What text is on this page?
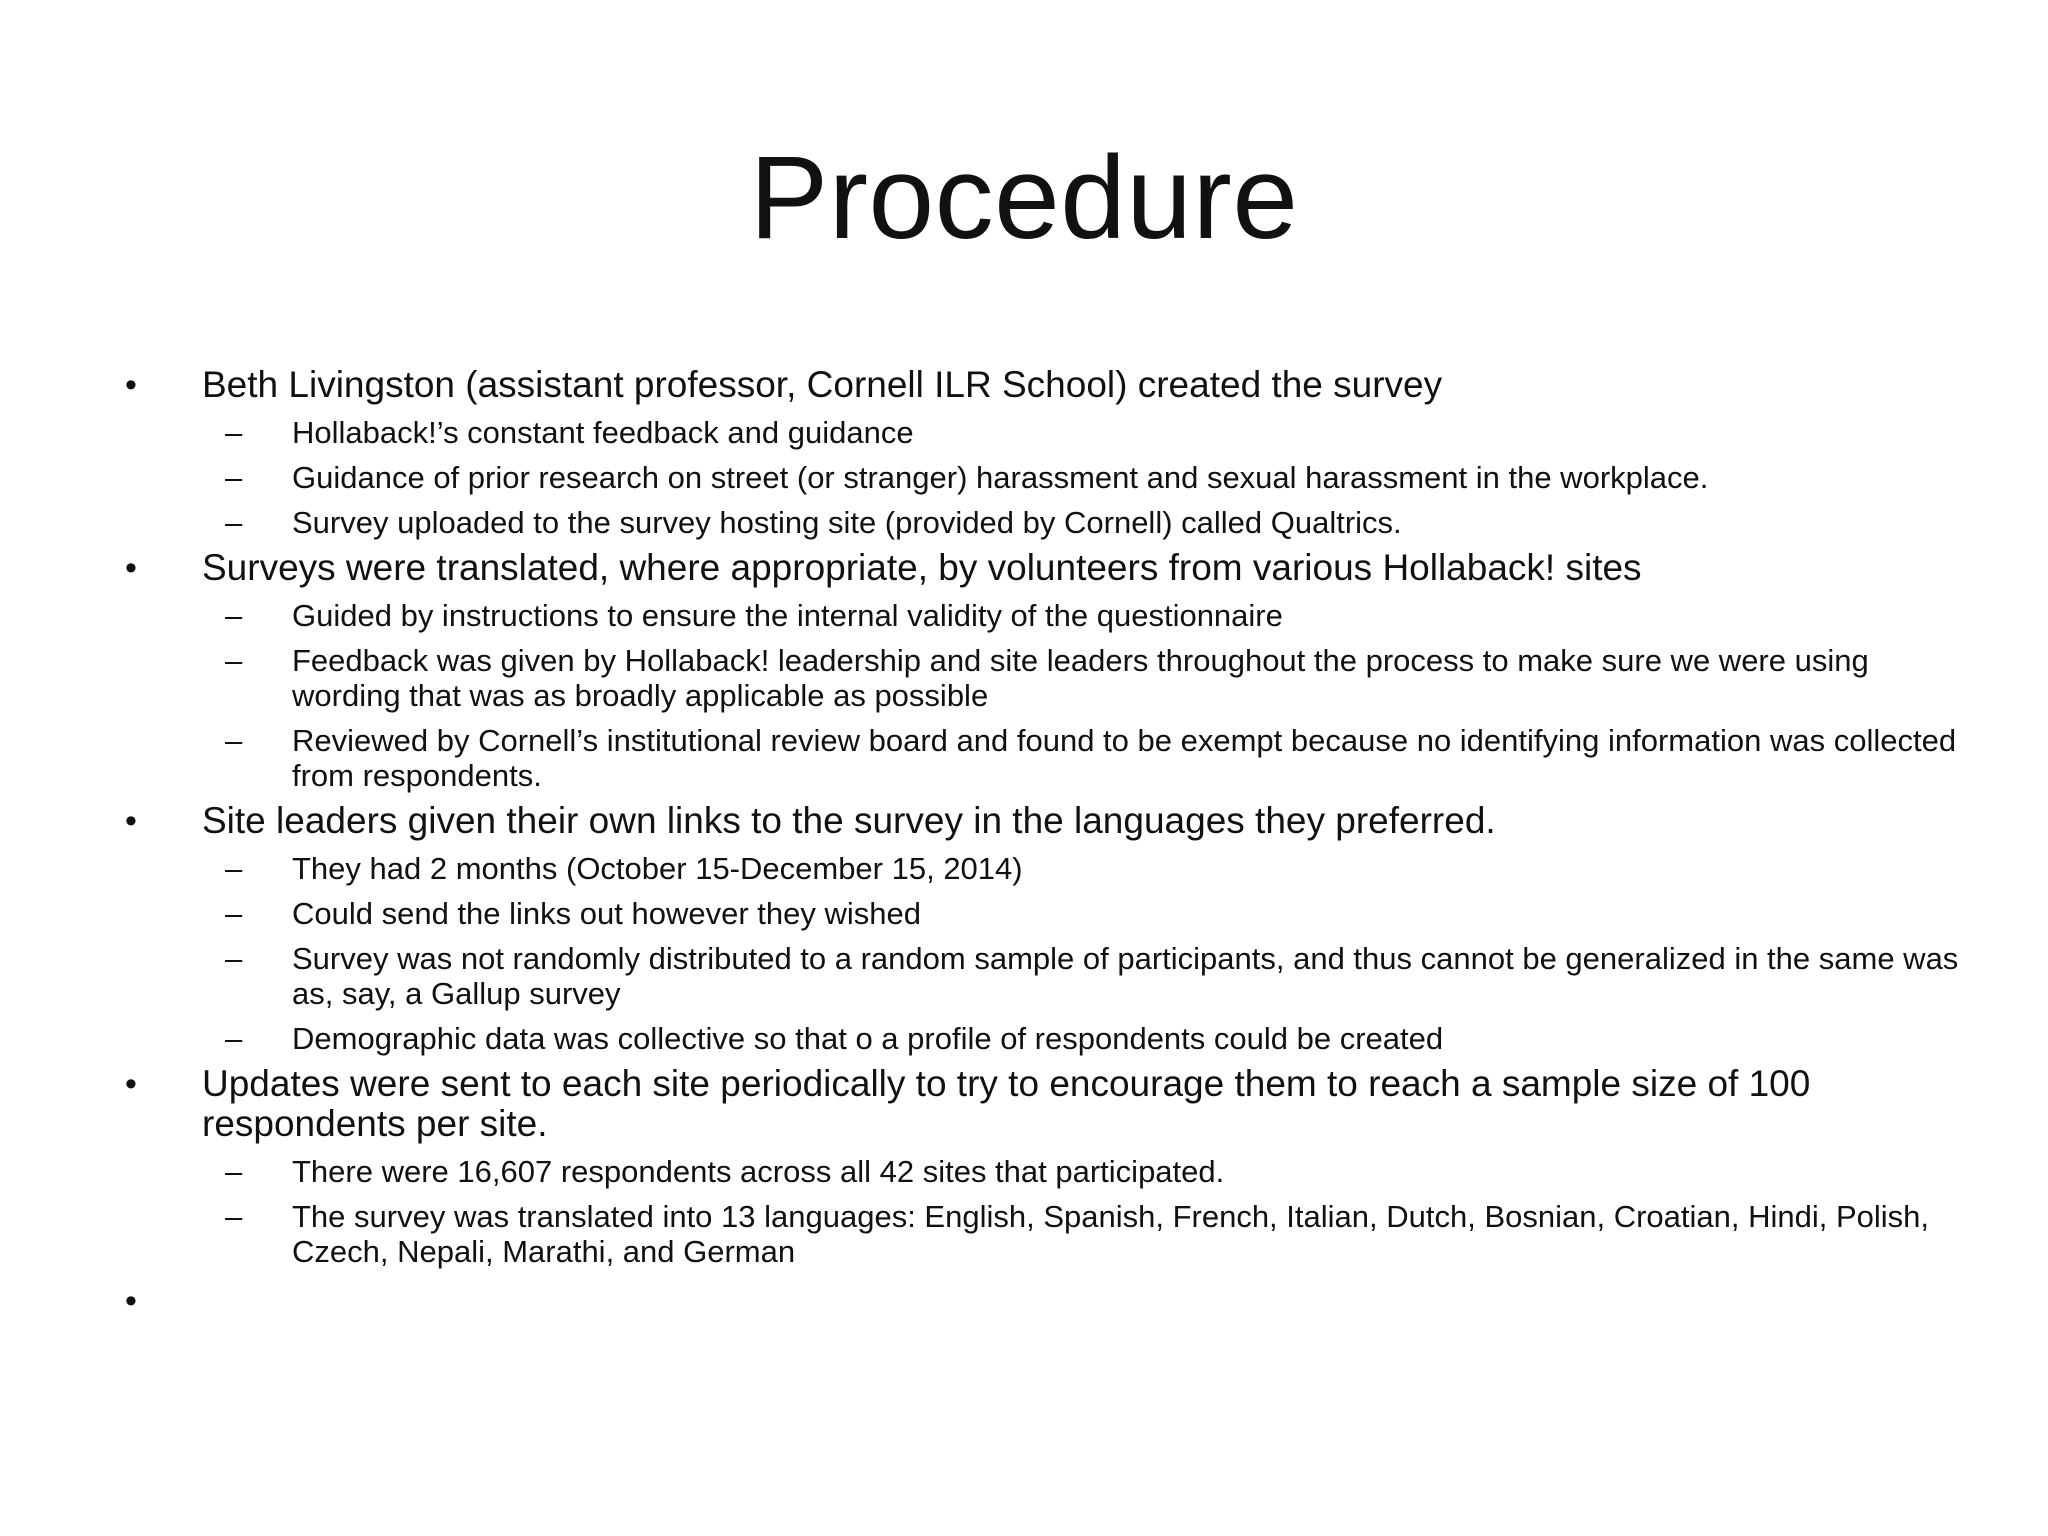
Procedure
• Beth Livingston (assistant professor, Cornell ILR School) created the survey
– Hollaback!’s constant feedback and guidance
– Guidance of prior research on street (or stranger) harassment and sexual harassment in the workplace.
– Survey uploaded to the survey hosting site (provided by Cornell) called Qualtrics.
• Surveys were translated, where appropriate, by volunteers from various Hollaback! sites
– Guided by instructions to ensure the internal validity of the questionnaire
– Feedback was given by Hollaback! leadership and site leaders throughout the process to make sure we were using wording that was as broadly applicable as possible
– Reviewed by Cornell’s institutional review board and found to be exempt because no identifying information was collected from respondents.
• Site leaders given their own links to the survey in the languages they preferred.
– They had 2 months (October 15-December 15, 2014)
– Could send the links out however they wished
– Survey was not randomly distributed to a random sample of participants, and thus cannot be generalized in the same was as, say, a Gallup survey
– Demographic data was collective so that o a profile of respondents could be created
• Updates were sent to each site periodically to try to encourage them to reach a sample size of 100 respondents per site.
– There were 16,607 respondents across all 42 sites that participated.
– The survey was translated into 13 languages: English, Spanish, French, Italian, Dutch, Bosnian, Croatian, Hindi, Polish, Czech, Nepali, Marathi, and German
•
